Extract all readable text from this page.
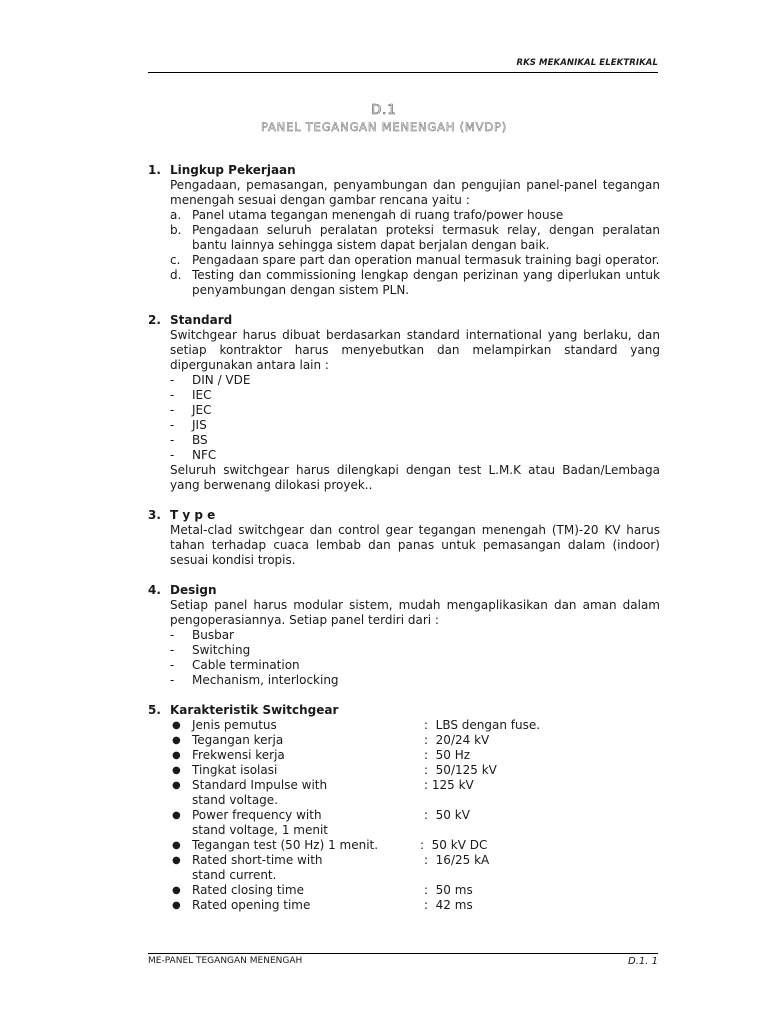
RKS MEKANIKAL ELEKTRIKAL
D.1
PANEL TEGANGAN MENENGAH (MVDP)
1. Lingkup Pekerjaan
Pengadaan, pemasangan, penyambungan dan pengujian panel-panel tegangan menengah sesuai dengan gambar rencana yaitu :
a. Panel utama tegangan menengah di ruang trafo/power house
b. Pengadaan seluruh peralatan proteksi termasuk relay, dengan peralatan bantu lainnya sehingga sistem dapat berjalan dengan baik.
c. Pengadaan spare part dan operation manual termasuk training bagi operator.
d. Testing dan commissioning lengkap dengan perizinan yang diperlukan untuk penyambungan dengan sistem PLN.
2. Standard
Switchgear harus dibuat berdasarkan standard international yang berlaku, dan setiap kontraktor harus menyebutkan dan melampirkan standard yang dipergunakan antara lain :
- DIN / VDE
- IEC
- JEC
- JIS
- BS
- NFC
Seluruh switchgear harus dilengkapi dengan test L.M.K atau Badan/Lembaga yang berwenang dilokasi proyek..
3. T y p e
Metal-clad switchgear dan control gear tegangan menengah (TM)-20 KV harus tahan terhadap cuaca lembab dan panas untuk pemasangan dalam (indoor) sesuai kondisi tropis.
4. Design
Setiap panel harus modular sistem, mudah mengaplikasikan dan aman dalam pengoperasiannya. Setiap panel terdiri dari :
- Busbar
- Switching
- Cable termination
- Mechanism, interlocking
5. Karakteristik Switchgear
● Jenis pemutus	:  LBS dengan fuse.
● Tegangan kerja	:  20/24 kV
● Frekwensi kerja	:  50 Hz
● Tingkat isolasi	:  50/125 kV
● Standard Impulse with	: 125 kV
stand voltage.
● Power frequency with	:  50 kV
stand voltage, 1 menit
● Tegangan test (50 Hz) 1 menit.	:  50 kV DC
● Rated short-time with	:  16/25 kA
stand current.
● Rated closing time	:  50 ms
● Rated opening time	:  42 ms
ME-PANEL TEGANGAN MENENGAH	D.1. 1
